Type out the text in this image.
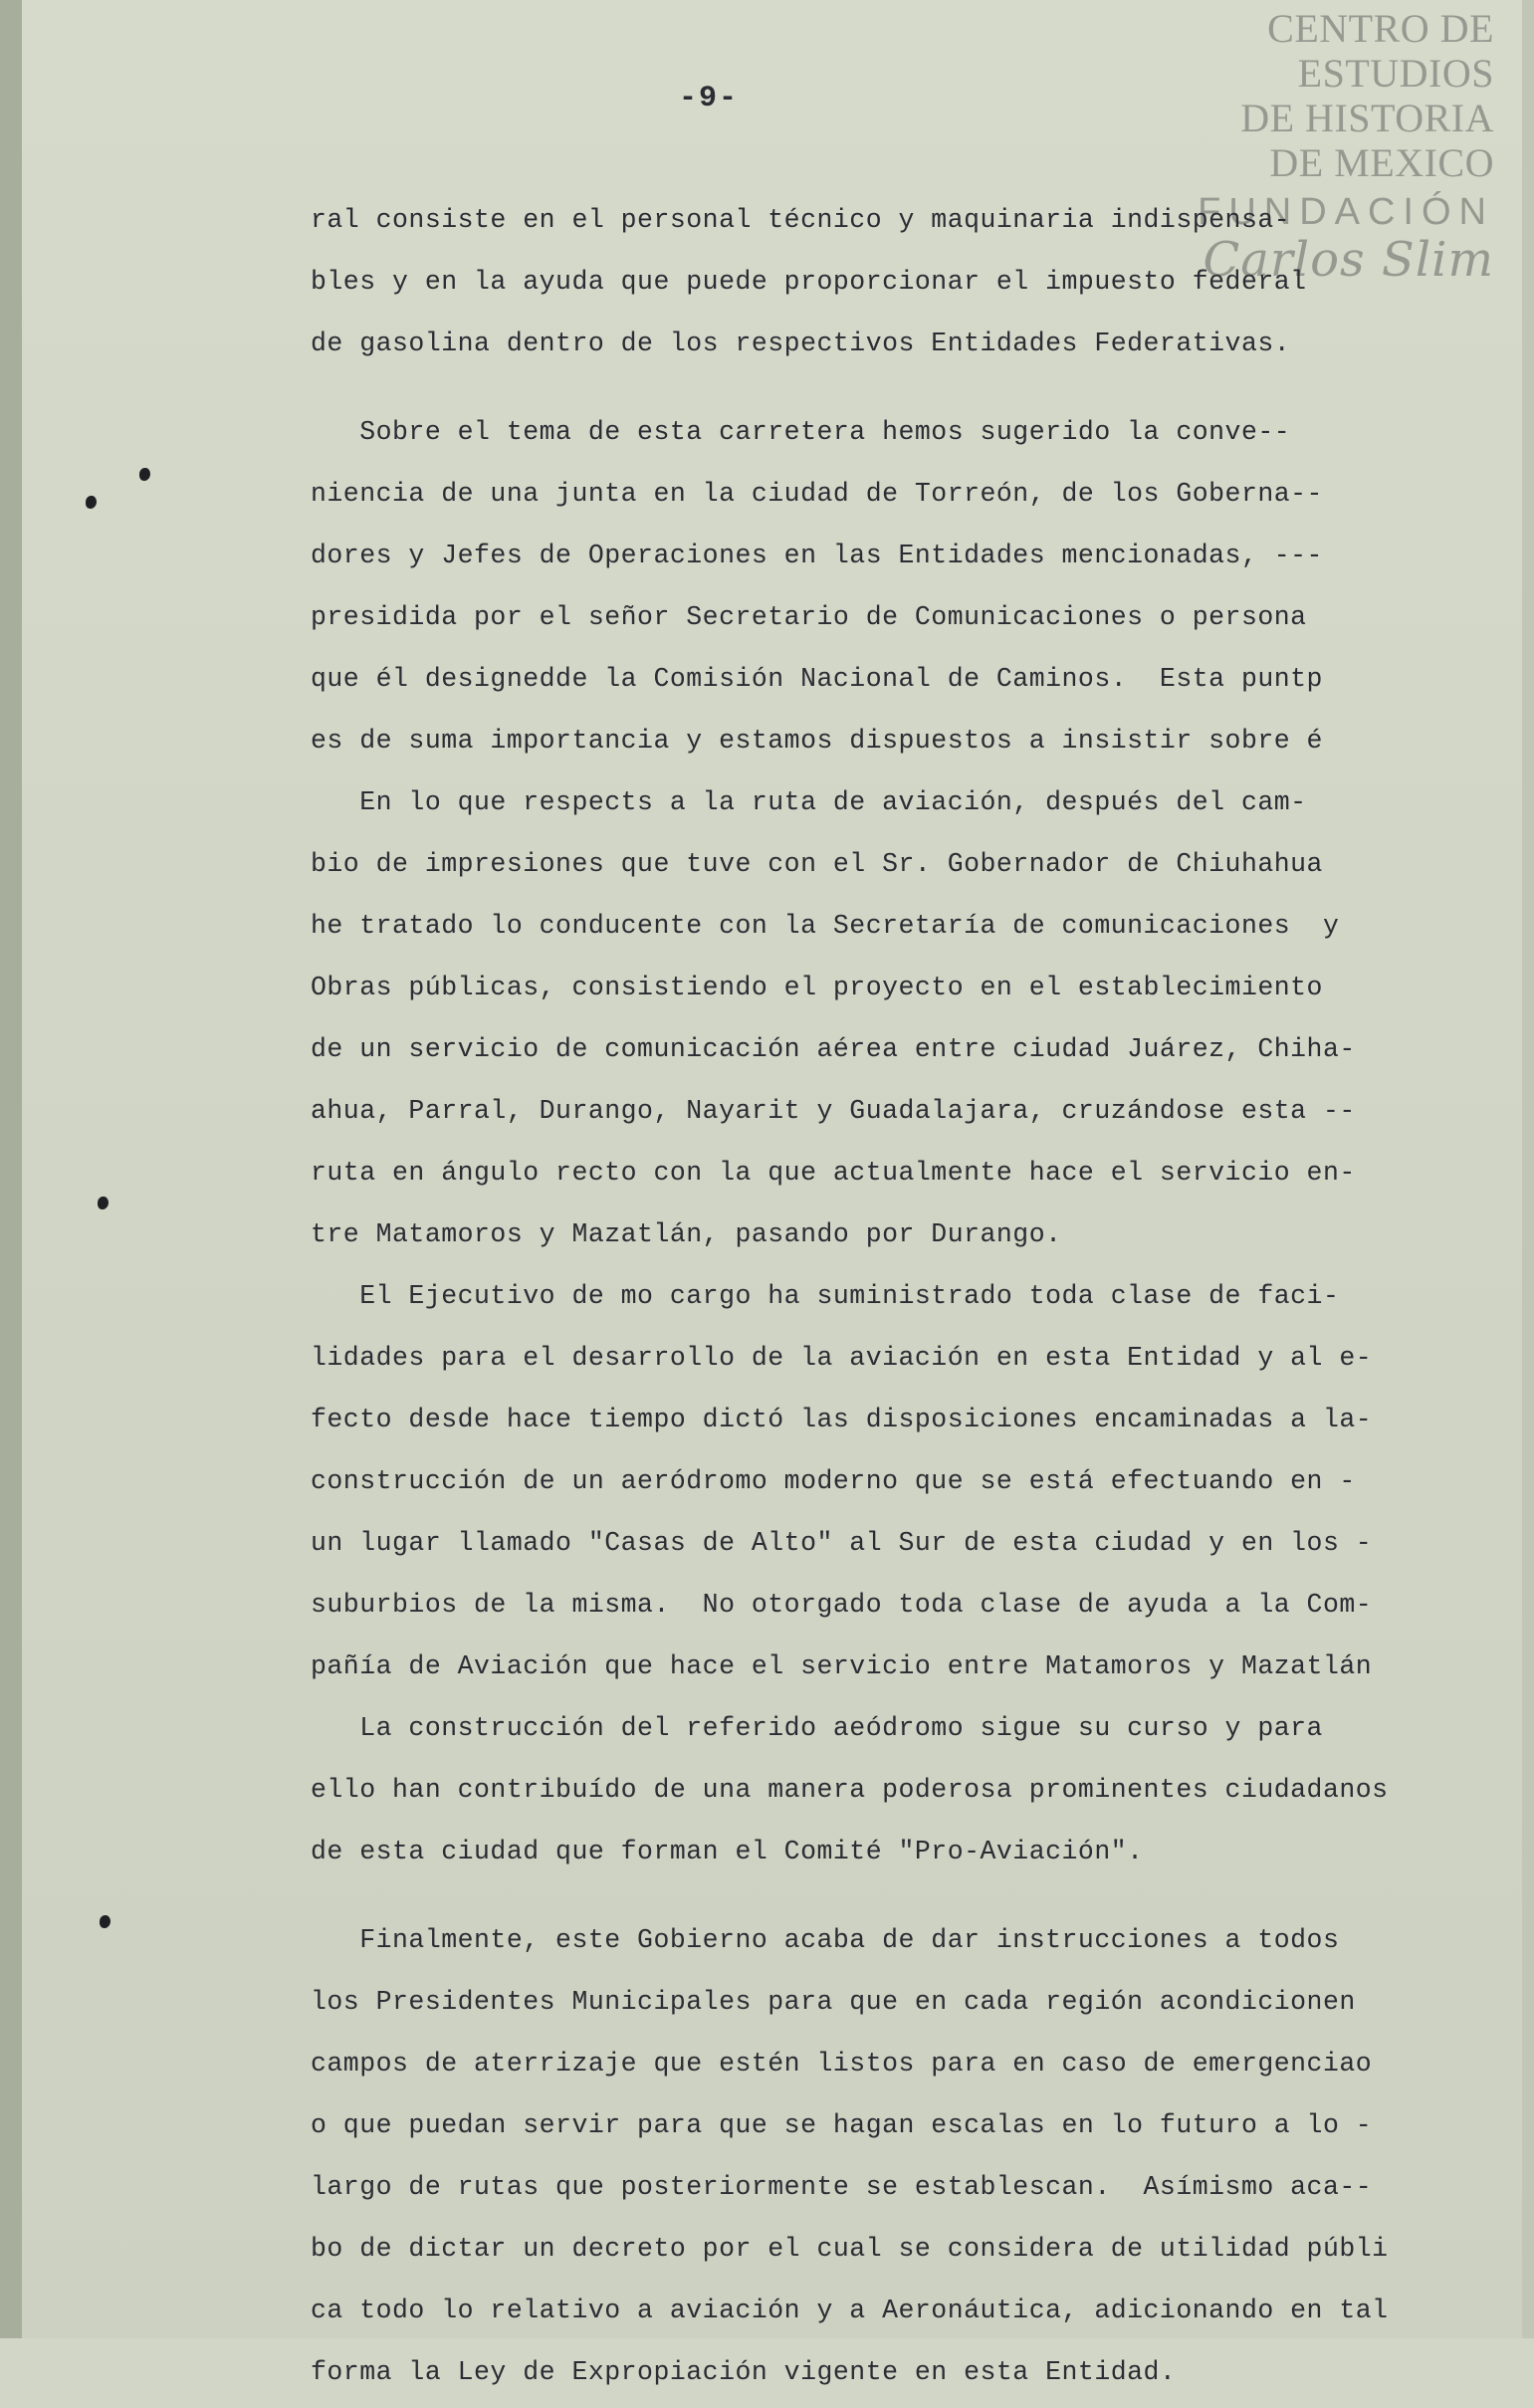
CENTRO DE
ESTUDIOS
DE HISTORIA
DE MEXICO
FUNDACIÓN
Carlos Slim
-9-
ral consiste en el personal técnico y maquinaria indispensa-
bles y en la ayuda que puede proporcionar el impuesto federal
de gasolina dentro de los respectivos Entidades Federativas.
Sobre el tema de esta carretera hemos sugerido la conve--
niencia de una junta en la ciudad de Torreón, de los Goberna--
dores y Jefes de Operaciones en las Entidades mencionadas, ---
presidida por el señor Secretario de Comunicaciones o persona
que él designedde la Comisión Nacional de Caminos.  Esta puntp
es de suma importancia y estamos dispuestos a insistir sobre é
En lo que respects a la ruta de aviación, después del cam-
bio de impresiones que tuve con el Sr. Gobernador de Chiuhahua
he tratado lo conducente con la Secretaría de comunicaciones  y
Obras públicas, consistiendo el proyecto en el establecimiento
de un servicio de comunicación aérea entre ciudad Juárez, Chiha-
ahua, Parral, Durango, Nayarit y Guadalajara, cruzándose esta --
ruta en ángulo recto con la que actualmente hace el servicio en-
tre Matamoros y Mazatlán, pasando por Durango.
El Ejecutivo de mo cargo ha suministrado toda clase de faci-
lidades para el desarrollo de la aviación en esta Entidad y al e-
fecto desde hace tiempo dictó las disposiciones encaminadas a la-
construcción de un aeródromo moderno que se está efectuando en -
un lugar llamado "Casas de Alto" al Sur de esta ciudad y en los -
suburbios de la misma.  No otorgado toda clase de ayuda a la Com-
pañía de Aviación que hace el servicio entre Matamoros y Mazatlán
La construcción del referido aeódromo sigue su curso y para
ello han contribuído de una manera poderosa prominentes ciudadanos
de esta ciudad que forman el Comité "Pro-Aviación".
Finalmente, este Gobierno acaba de dar instrucciones a todos
los Presidentes Municipales para que en cada región acondicionen
campos de aterrizaje que estén listos para en caso de emergenciao
o que puedan servir para que se hagan escalas en lo futuro a lo -
largo de rutas que posteriormente se establescan.  Asímismo aca--
bo de dictar un decreto por el cual se considera de utilidad públi
ca todo lo relativo a aviación y a Aeronáutica, adicionando en tal
forma la Ley de Expropiación vigente en esta Entidad.
